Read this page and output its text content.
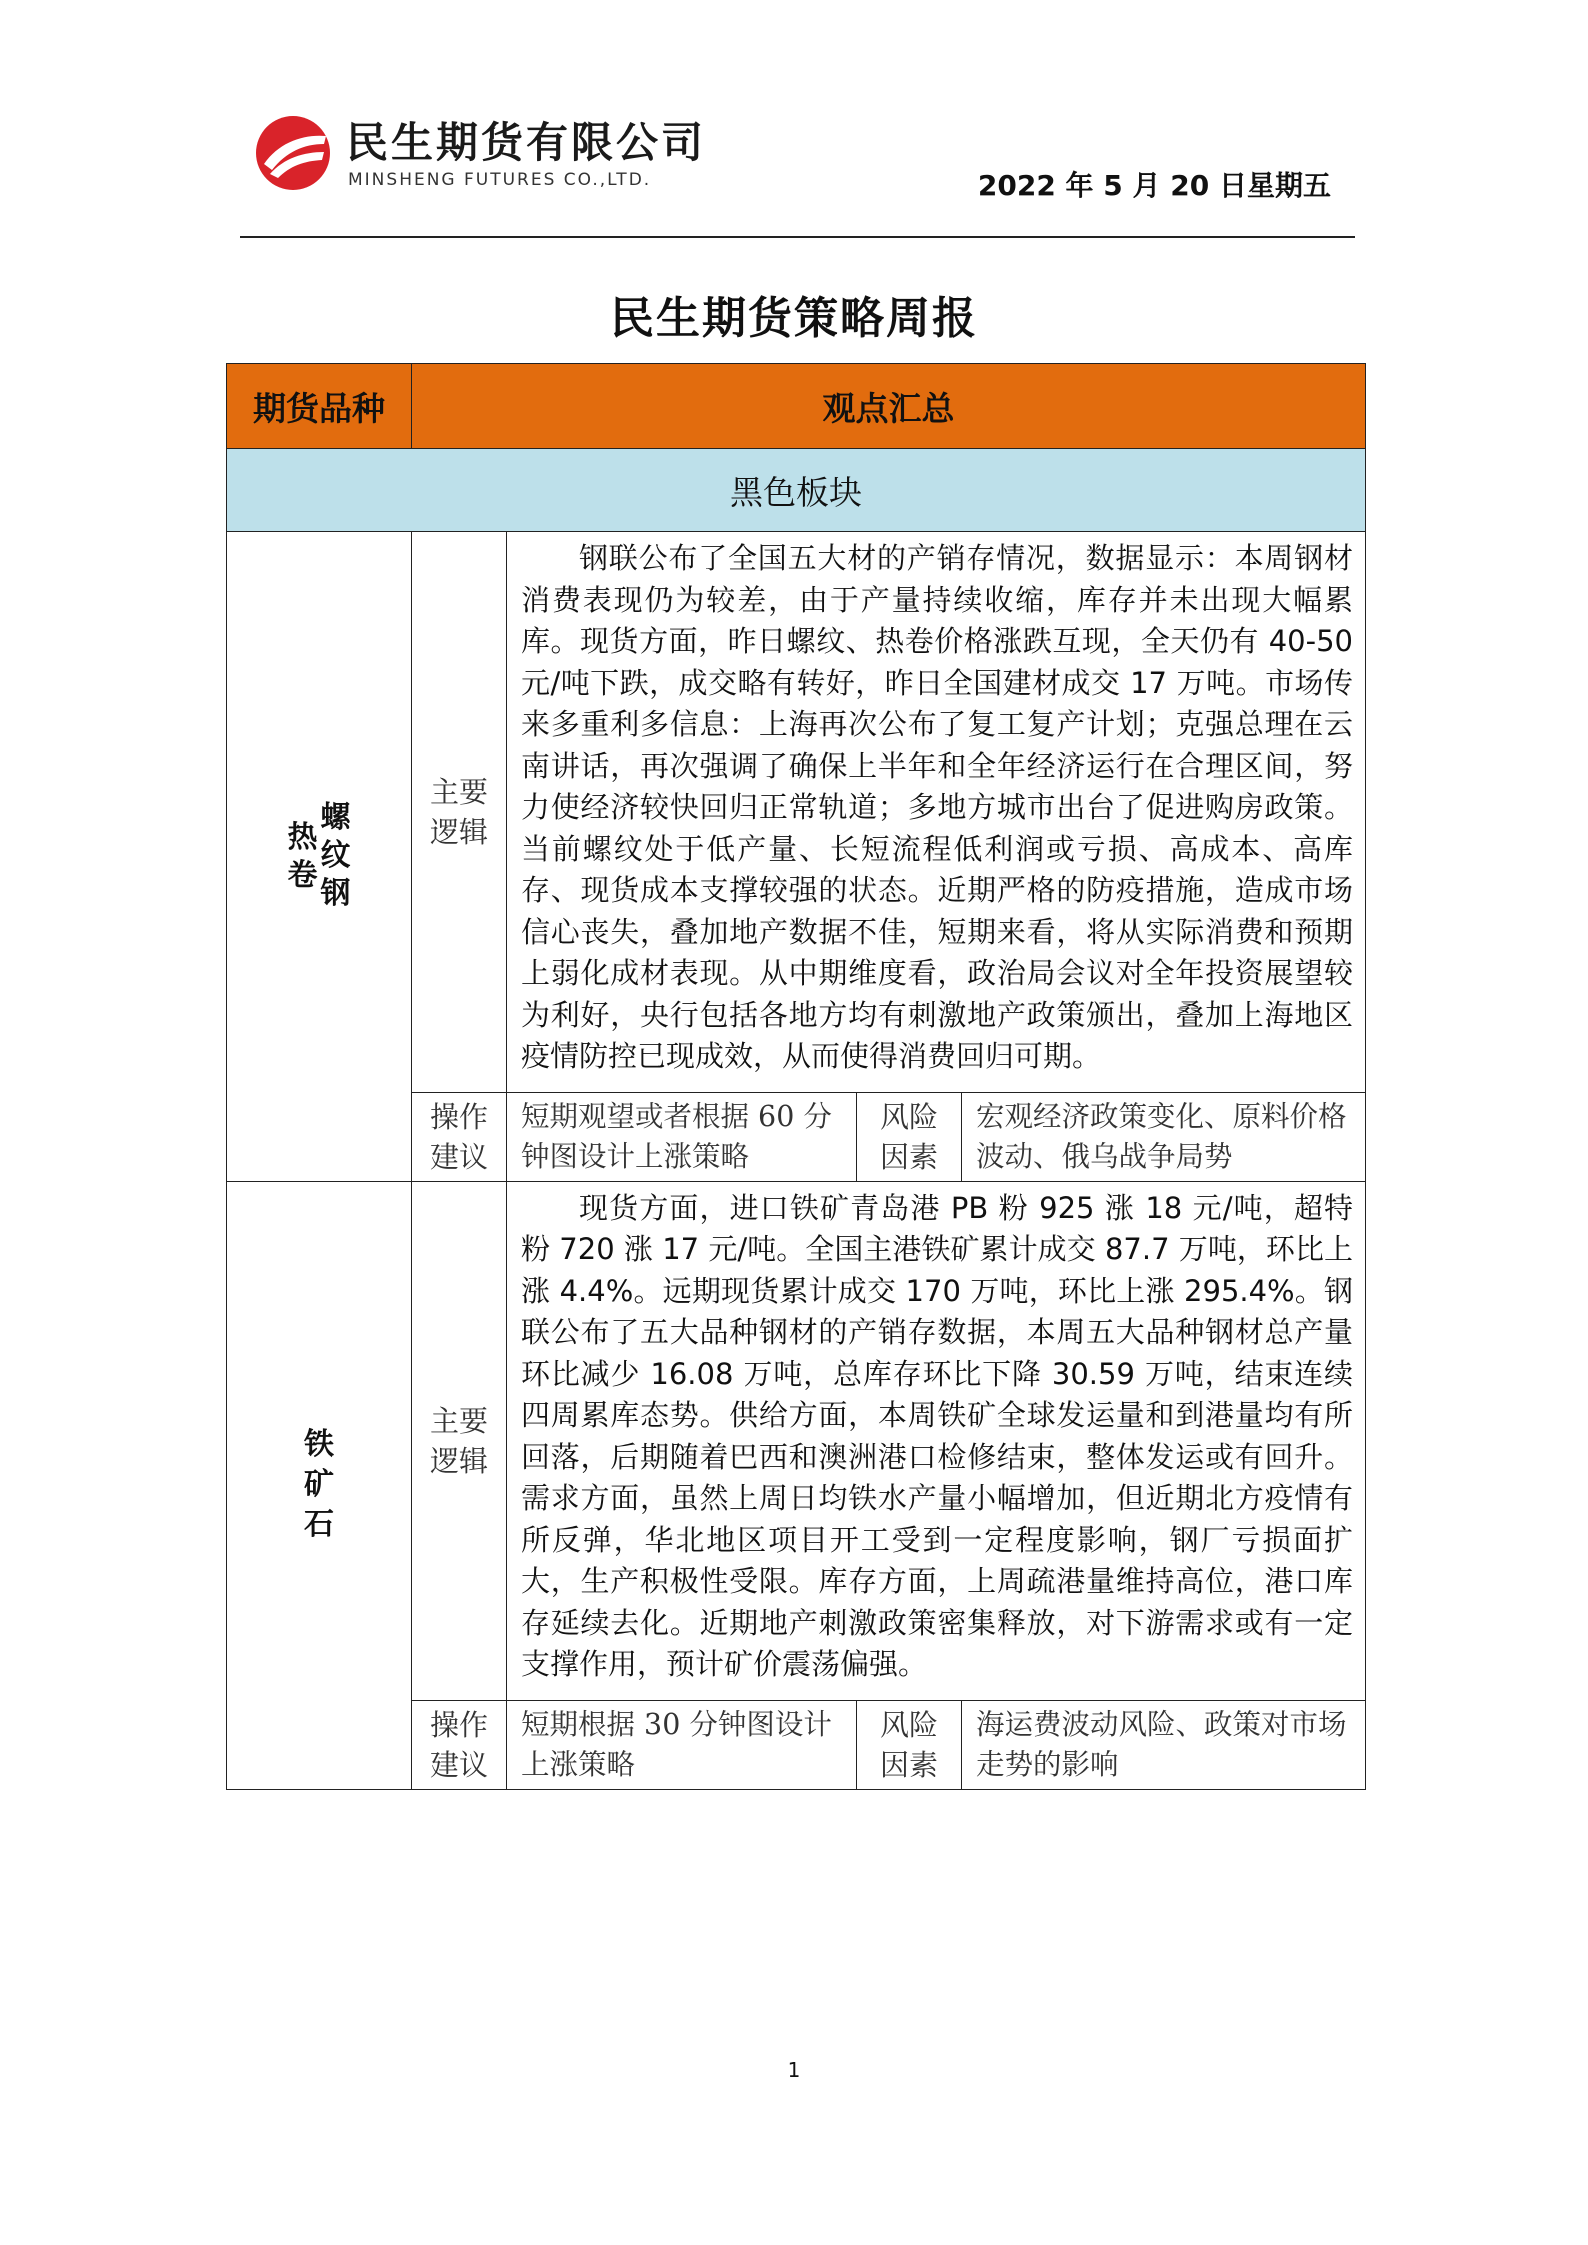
民生期货有限公司
MINSHENG FUTURES CO.,LTD.	2022 年 5 月 20 日星期五
民生期货策略周报
期货品种	观点汇总			
黑色板块				
热卷螺纹钢	主要逻辑	钢联公布了全国五大材的产销存情况，数据显示：本周钢材消费表现仍为较差，由于产量持续收缩，库存并未出现大幅累库。现货方面，昨日螺纹、热卷价格涨跌互现，全天仍有 40-50 元/吨下跌，成交略有转好，昨日全国建材成交 17 万吨。市场传来多重利多信息：上海再次公布了复工复产计划；克强总理在云南讲话，再次强调了确保上半年和全年经济运行在合理区间，努力使经济较快回归正常轨道；多地方城市出台了促进购房政策。当前螺纹处于低产量、长短流程低利润或亏损、高成本、高库存、现货成本支撑较强的状态。近期严格的防疫措施，造成市场信心丧失，叠加地产数据不佳，短期来看，将从实际消费和预期上弱化成材表现。从中期维度看，政治局会议对全年投资展望较为利好，央行包括各地方均有刺激地产政策颁出，叠加上海地区疫情防控已现成效，从而使得消费回归可期。		

	操作建议	短期观望或者根据 60 分钟图设计上涨策略	风险因素	宏观经济政策变化、原料价格波动、俄乌战争局势
铁矿石	主要逻辑	现货方面，进口铁矿青岛港 PB 粉 925 涨 18 元/吨，超特粉 720 涨 17 元/吨。全国主港铁矿累计成交 87.7 万吨，环比上涨 4.4%。远期现货累计成交 170 万吨，环比上涨 295.4%。钢联公布了五大品种钢材的产销存数据，本周五大品种钢材总产量环比减少 16.08 万吨，总库存环比下降 30.59 万吨，结束连续四周累库态势。供给方面，本周铁矿全球发运量和到港量均有所回落，后期随着巴西和澳洲港口检修结束，整体发运或有回升。需求方面，虽然上周日均铁水产量小幅增加，但近期北方疫情有所反弹，华北地区项目开工受到一定程度影响，钢厂亏损面扩大，生产积极性受限。库存方面，上周疏港量维持高位，港口库存延续去化。近期地产刺激政策密集释放，对下游需求或有一定支撑作用，预计矿价震荡偏强。		

	操作建议	短期根据 30 分钟图设计上涨策略	风险因素	海运费波动风险、政策对市场走势的影响
1
